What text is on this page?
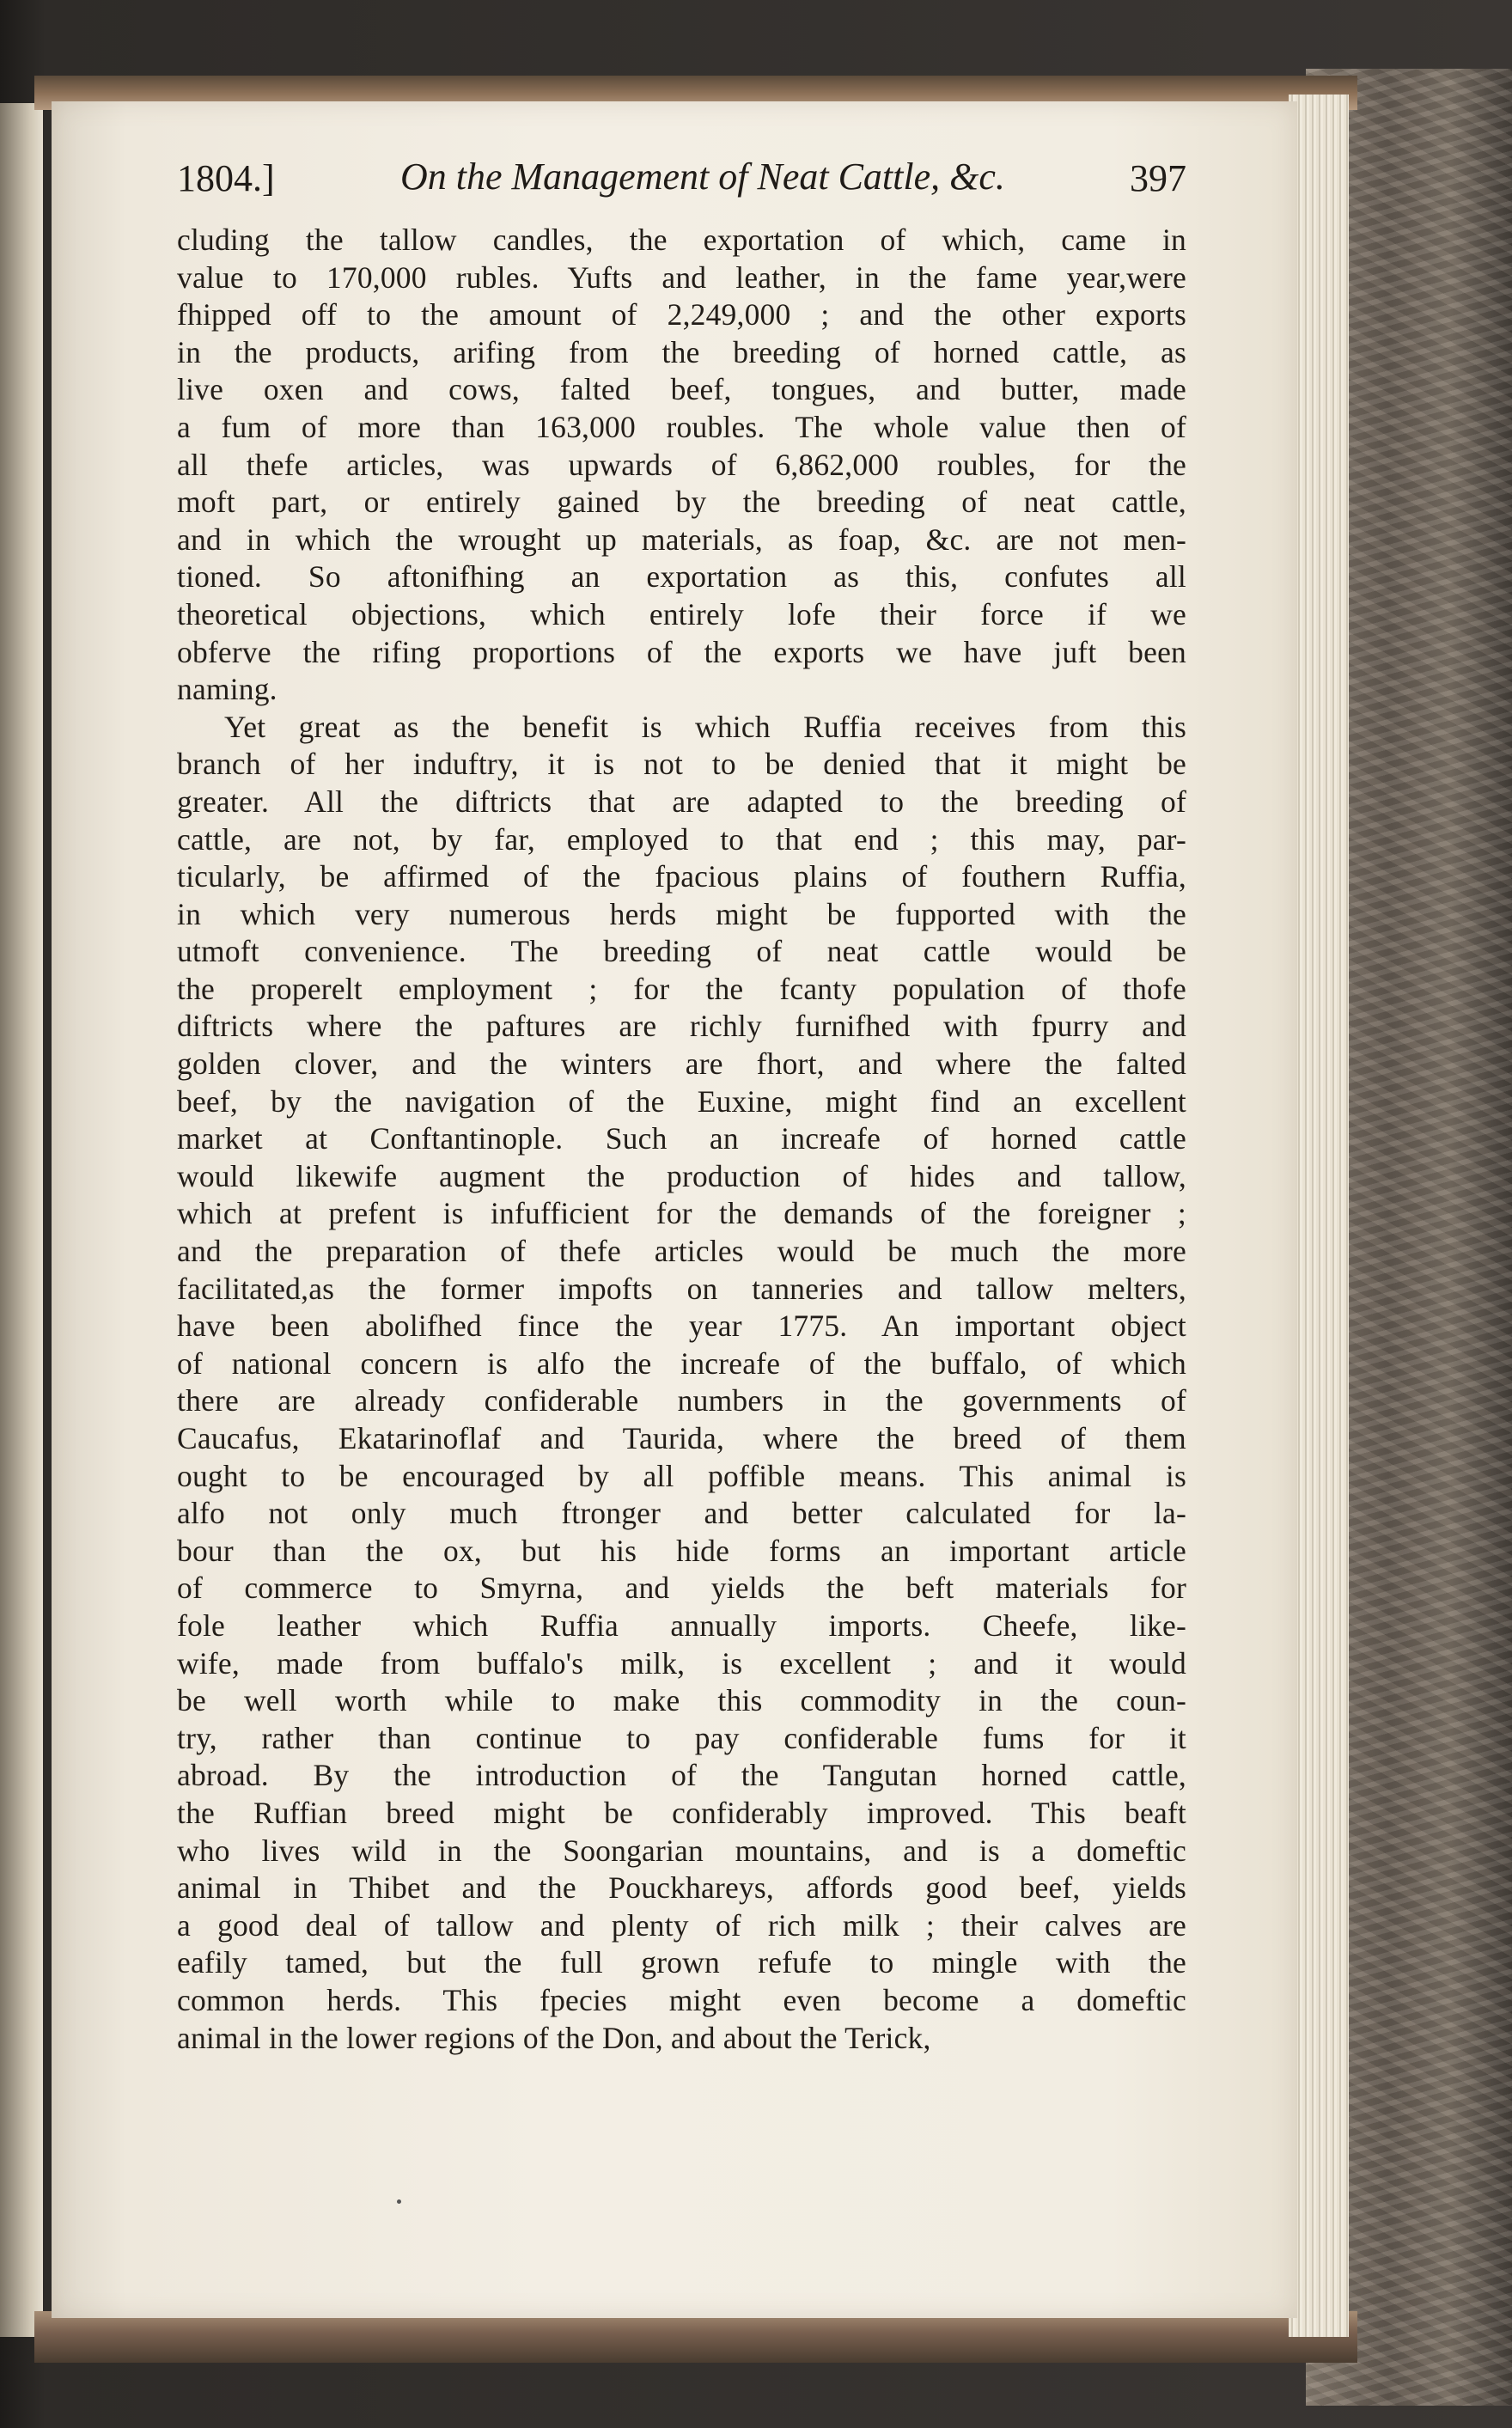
1804.]	On the Management of Neat Cattle, &c.	397
cluding the tallow candles, the exportation of which, came in
value to 170,000 rubles. Yufts and leather, in the fame year,were
fhipped off to the amount of 2,249,000 ; and the other exports
in the products, arifing from the breeding of horned cattle, as
live oxen and cows, falted beef, tongues, and butter, made
a fum of more than 163,000 roubles. The whole value then of
all thefe articles, was upwards of 6,862,000 roubles, for the
moft part, or entirely gained by the breeding of neat cattle,
and in which the wrought up materials, as foap, &c. are not men-
tioned. So aftonifhing an exportation as this, confutes all
theoretical objections, which entirely lofe their force if we
obferve the rifing proportions of the exports we have juft been
naming.
Yet great as the benefit is which Ruffia receives from this
branch of her induftry, it is not to be denied that it might be
greater. All the diftricts that are adapted to the breeding of
cattle, are not, by far, employed to that end ; this may, par-
ticularly, be affirmed of the fpacious plains of fouthern Ruffia,
in which very numerous herds might be fupported with the
utmoft convenience. The breeding of neat cattle would be
the properelt employment ; for the fcanty population of thofe
diftricts where the paftures are richly furnifhed with fpurry and
golden clover, and the winters are fhort, and where the falted
beef, by the navigation of the Euxine, might find an excellent
market at Conftantinople. Such an increafe of horned cattle
would likewife augment the production of hides and tallow,
which at prefent is infufficient for the demands of the foreigner ;
and the preparation of thefe articles would be much the more
facilitated,as the former impofts on tanneries and tallow melters,
have been abolifhed fince the year 1775. An important object
of national concern is alfo the increafe of the buffalo, of which
there are already confiderable numbers in the governments of
Caucafus, Ekatarinoflaf and Taurida, where the breed of them
ought to be encouraged by all poffible means. This animal is
alfo not only much ftronger and better calculated for la-
bour than the ox, but his hide forms an important article
of commerce to Smyrna, and yields the beft materials for
fole leather which Ruffia annually imports. Cheefe, like-
wife, made from buffalo's milk, is excellent ; and it would
be well worth while to make this commodity in the coun-
try, rather than continue to pay confiderable fums for it
abroad. By the introduction of the Tangutan horned cattle,
the Ruffian breed might be confiderably improved. This beaft
who lives wild in the Soongarian mountains, and is a domeftic
animal in Thibet and the Pouckhareys, affords good beef, yields
a good deal of tallow and plenty of rich milk ; their calves are
eafily tamed, but the full grown refufe to mingle with the
common herds. This fpecies might even become a domeftic
animal in the lower regions of the Don, and about the Terick,
